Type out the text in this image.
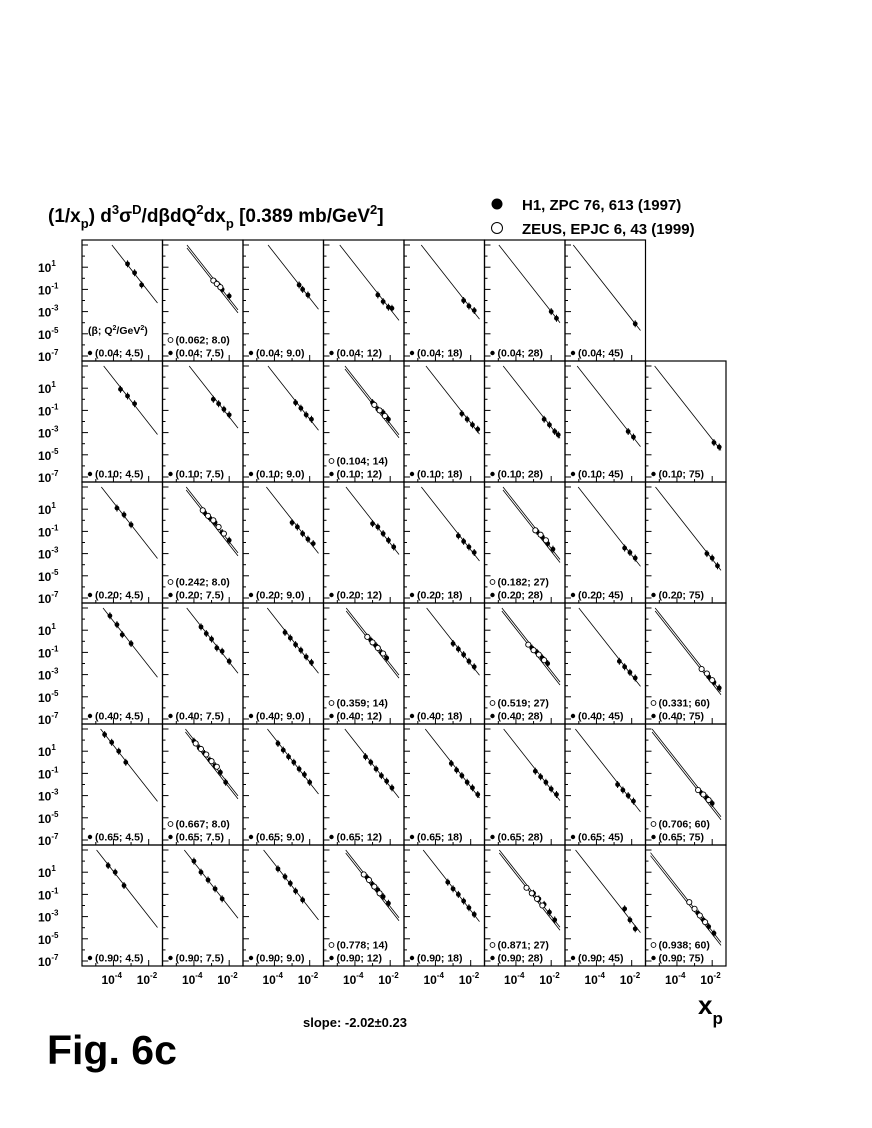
$(1/x_p)$ $d^3\sigma^D/d\beta dQ^2dx_p$ [0.389 mb/GeV$^2$]
H1, ZPC 76, 613 (1997)
ZEUS, EPJC 6, 43 (1999)
$10^1$
$10^{-1}$
$10^{-3}$
$10^{-5}$
$10^{-7}$	(0.04; 4.5)
(β; $Q^2/GeV^2$)
(0.04; 7.5)
(0.062; 8.0)
(0.04; 9.0)	(0.04; 12)	(0.04; 18)	(0.04; 28)	(0.04; 45)
$10^1$
$10^{-1}$
$10^{-3}$
$10^{-5}$
$10^{-7}$	(0.10; 4.5)	(0.10; 7.5)	(0.10; 9.0)	(0.10; 12)
(0.104; 14)
(0.10; 18)	(0.10; 28)	(0.10; 45)	(0.10; 75)
$10^1$
$10^{-1}$
$10^{-3}$
$10^{-5}$
$10^{-7}$	(0.20; 4.5)	(0.20; 7.5)
(0.242; 8.0)
(0.20; 9.0)	(0.20; 12)	(0.20; 18)	(0.20; 28)
(0.182; 27)
(0.20; 45)	(0.20; 75)
$10^1$
$10^{-1}$
$10^{-3}$
$10^{-5}$
$10^{-7}$	(0.40; 4.5)	(0.40; 7.5)	(0.40; 9.0)	(0.40; 12)
(0.359; 14)
(0.40; 18)	(0.40; 28)
(0.519; 27)
(0.40; 45)	(0.40; 75)
(0.331; 60)
$10^1$
$10^{-1}$
$10^{-3}$
$10^{-5}$
$10^{-7}$	(0.65; 4.5)	(0.65; 7.5)
(0.667; 8.0)
(0.65; 9.0)	(0.65; 12)	(0.65; 18)	(0.65; 28)	(0.65; 45)	(0.65; 75)
(0.706; 60)
$10^1$
$10^{-1}$
$10^{-3}$
$10^{-5}$
$10^{-7}$	(0.90; 4.5)	(0.90; 7.5)	(0.90; 9.0)	(0.90; 12)
(0.778; 14)
(0.90; 18)	(0.90; 28)
(0.871; 27)
(0.90; 45)	(0.90; 75)
(0.938; 60)
$10^{-4}$ $10^{-2}$ $10^{-4}$ $10^{-2}$ $10^{-4}$ $10^{-2}$ $10^{-4}$ $10^{-2}$ $10^{-4}$ $10^{-2}$ $10^{-4}$ $10^{-2}$ $10^{-4}$ $10^{-2}$ $10^{-4}$ $10^{-2}$
slope: -2.02±0.23
$x_p$
Fig. 6c
